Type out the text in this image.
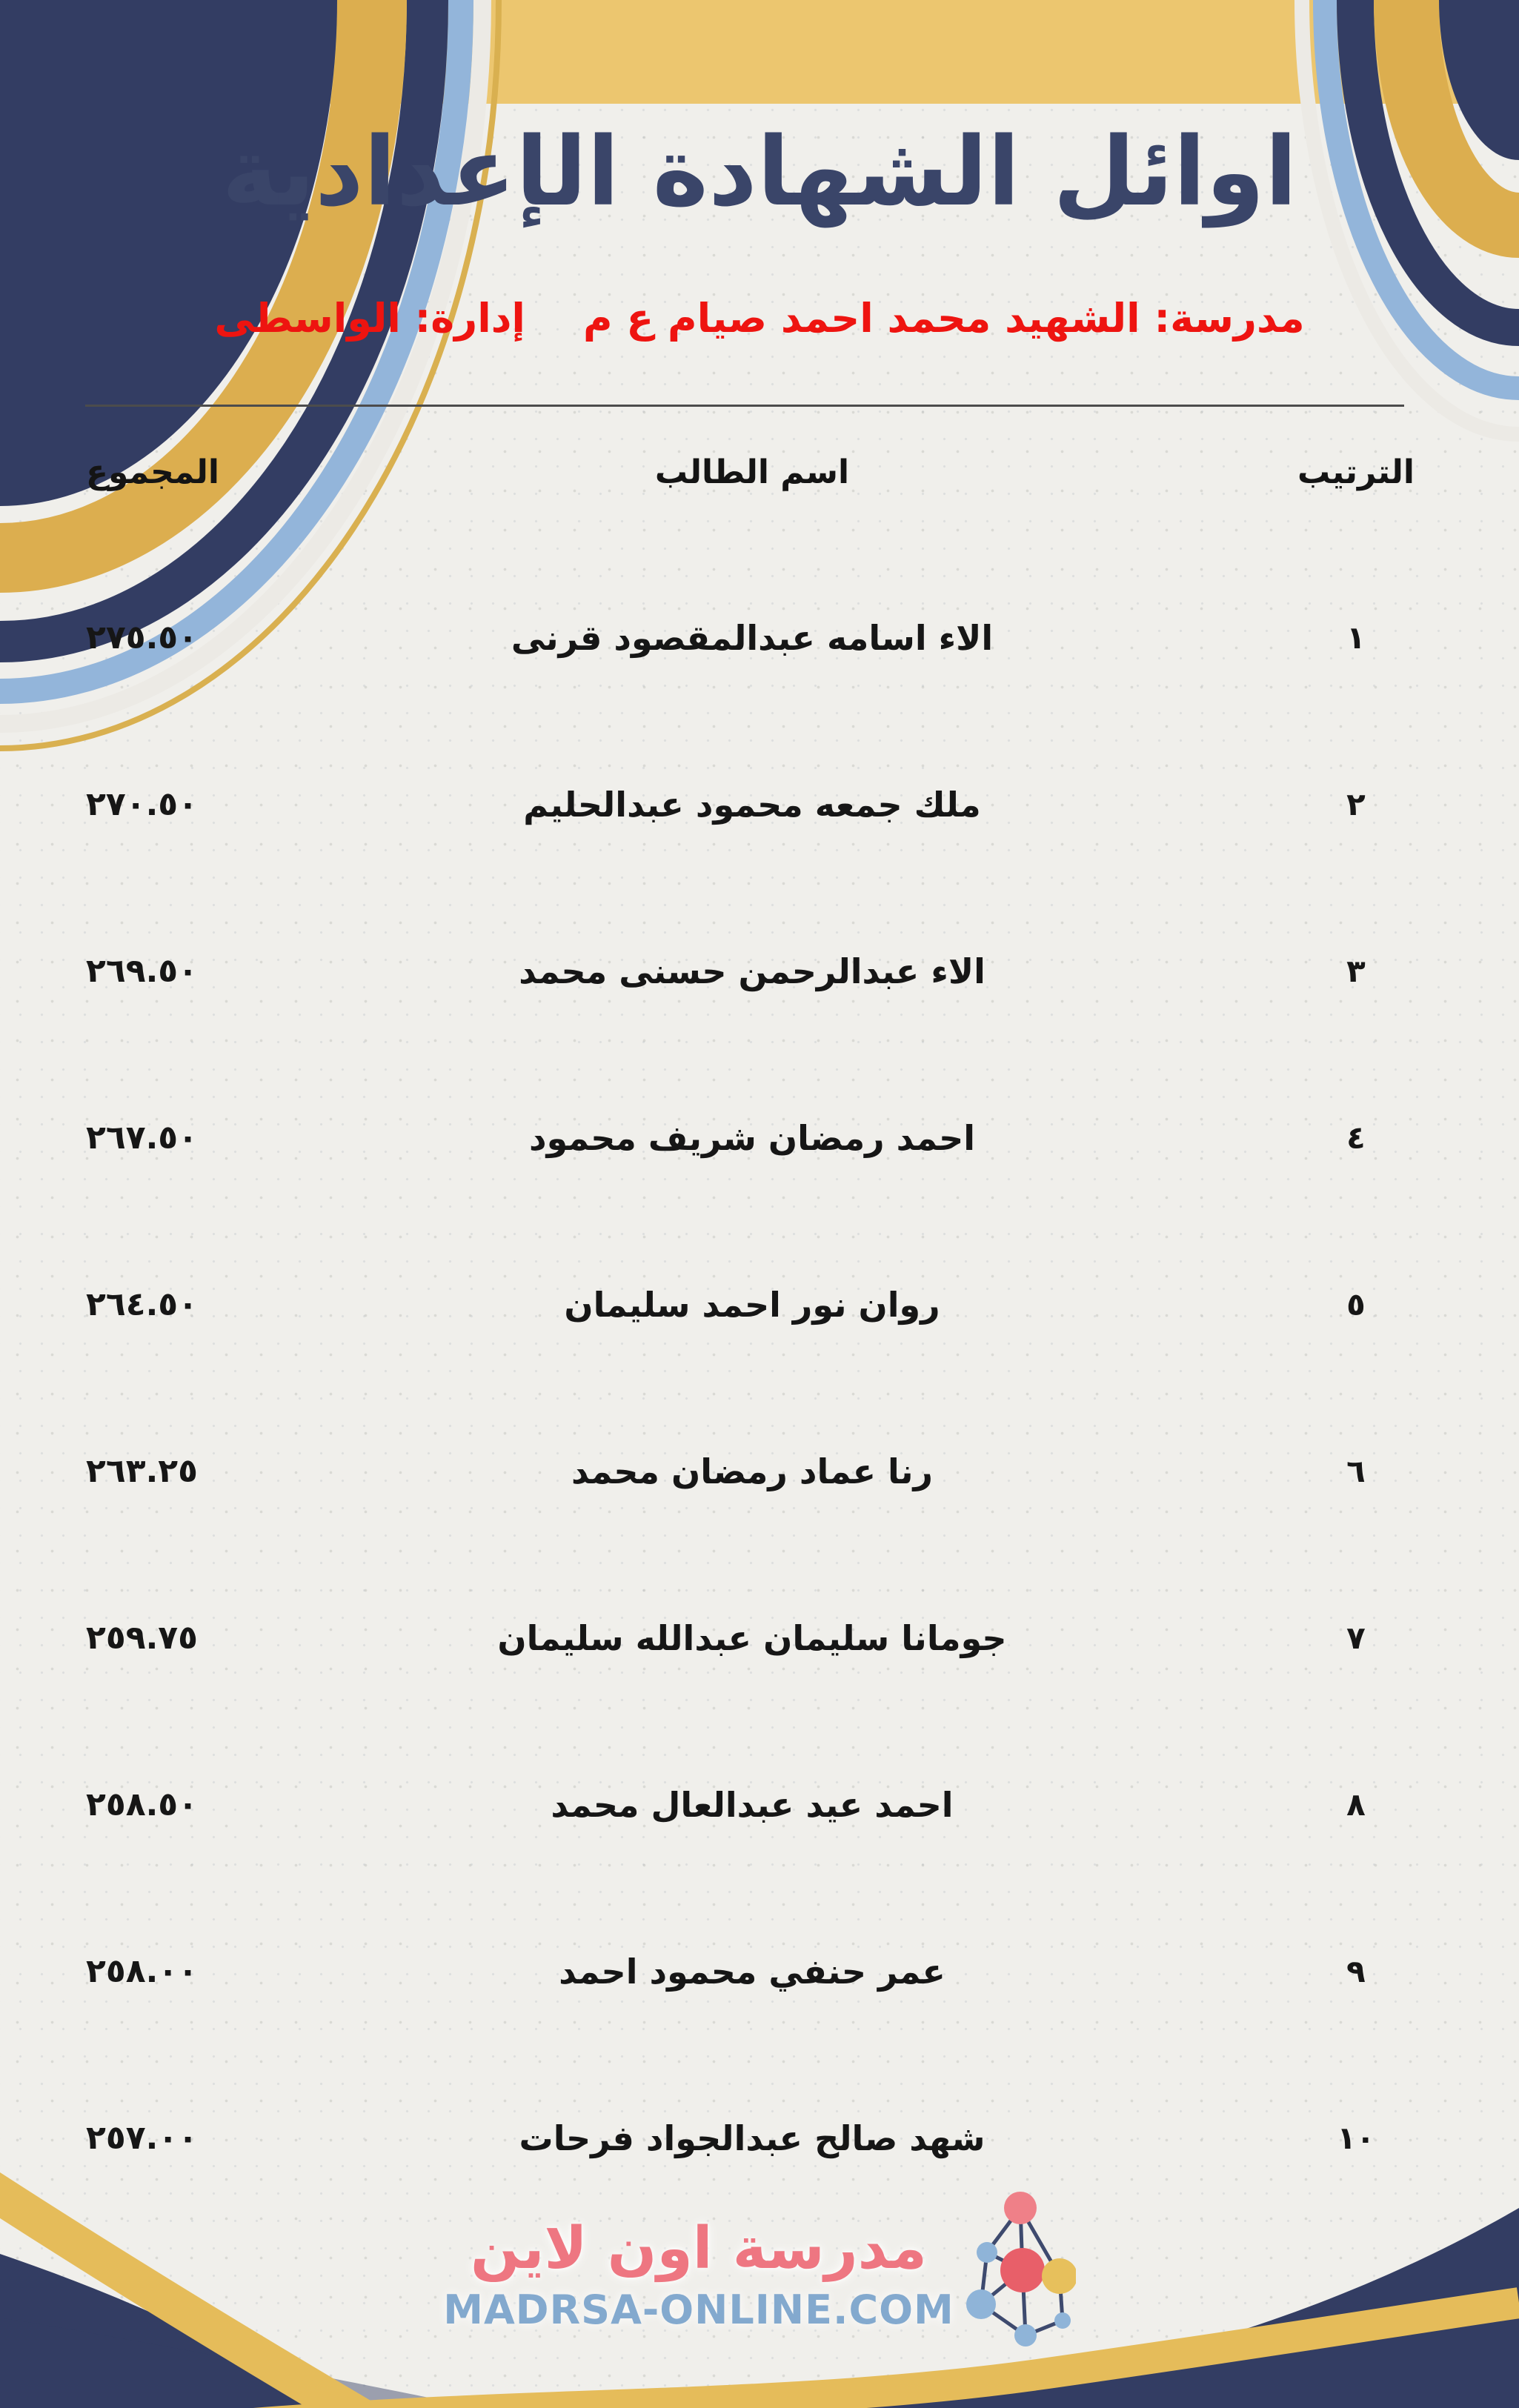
اوائل الشهادة الإعدادية
مدرسة: الشهيد محمد احمد صيام ع م
إدارة: الواسطى
الترتيب
اسم الطالب
المجموع
١
الاء اسامه عبدالمقصود قرنى
٢٧٥.٥٠
٢
ملك جمعه محمود عبدالحليم
٢٧٠.٥٠
٣
الاء عبدالرحمن حسنى محمد
٢٦٩.٥٠
٤
احمد رمضان شريف محمود
٢٦٧.٥٠
٥
روان نور احمد سليمان
٢٦٤.٥٠
٦
رنا عماد رمضان محمد
٢٦٣.٢٥
٧
جومانا سليمان عبدالله سليمان
٢٥٩.٧٥
٨
احمد عيد عبدالعال محمد
٢٥٨.٥٠
٩
عمر حنفي محمود احمد
٢٥٨.٠٠
١٠
شهد صالح عبدالجواد فرحات
٢٥٧.٠٠
مدرسة اون لاين
MADRSA-ONLINE.COM
